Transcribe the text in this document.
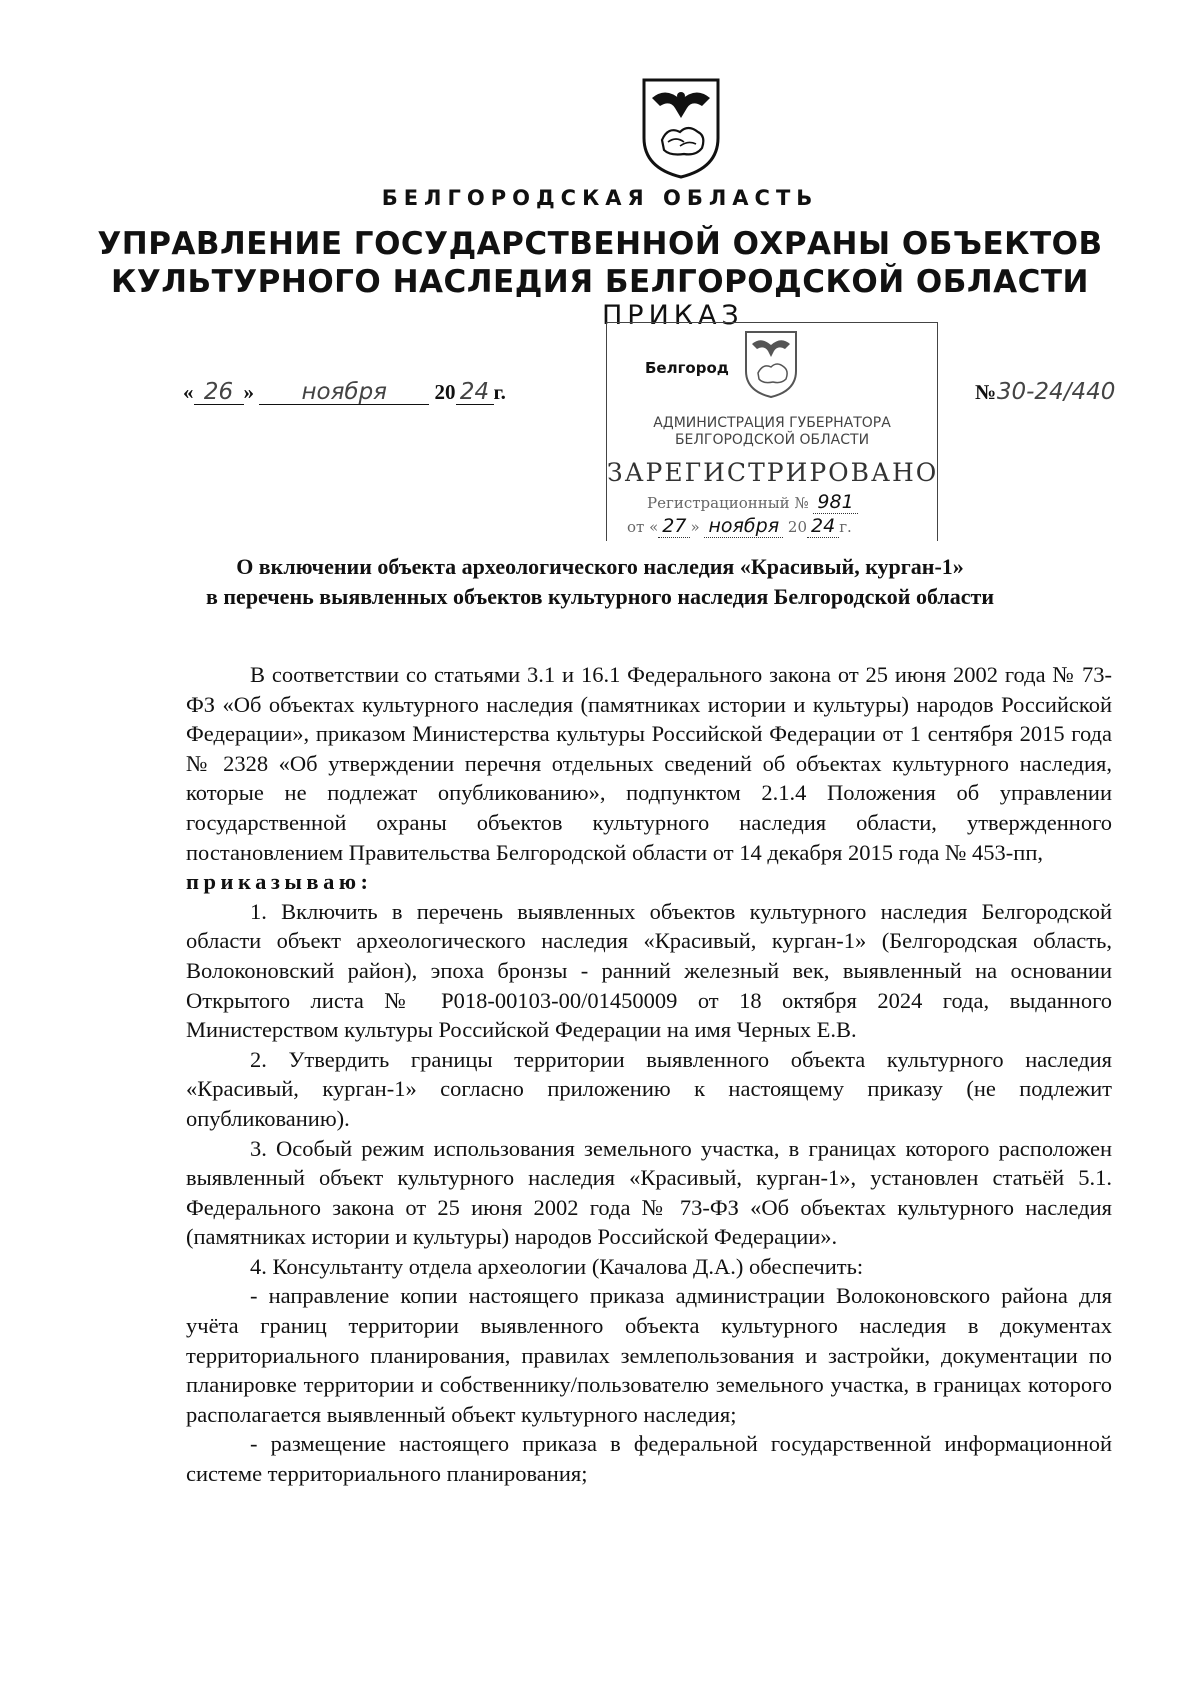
БЕЛГОРОДСКАЯ ОБЛАСТЬ
УПРАВЛЕНИЕ ГОСУДАРСТВЕННОЙ ОХРАНЫ ОБЪЕКТОВ
КУЛЬТУРНОГО НАСЛЕДИЯ БЕЛГОРОДСКОЙ ОБЛАСТИ
ПРИКАЗ
« 26 » ноября 20 24 г.	№30-24/440
Белгород
АДМИНИСТРАЦИЯ ГУБЕРНАТОРА
БЕЛГОРОДСКОЙ ОБЛАСТИ
ЗАРЕГИСТРИРОВАНО
Регистрационный № 981
от « 27 » ноября 20 24 г.
О включении объекта археологического наследия «Красивый, курган-1»
в перечень выявленных объектов культурного наследия Белгородской области

В соответствии со статьями 3.1 и 16.1 Федерального закона от 25 июня 2002 года № 73-ФЗ «Об объектах культурного наследия (памятниках истории и культуры) народов Российской Федерации», приказом Министерства культуры Российской Федерации от 1 сентября 2015 года № 2328 «Об утверждении перечня отдельных сведений об объектах культурного наследия, которые не подлежат опубликованию», подпунктом 2.1.4 Положения об управлении государственной охраны объектов культурного наследия области, утвержденного постановлением Правительства Белгородской области от 14 декабря 2015 года № 453-пп,

приказываю:

1. Включить в перечень выявленных объектов культурного наследия Белгородской области объект археологического наследия «Красивый, курган-1» (Белгородская область, Волоконовский район), эпоха бронзы - ранний железный век, выявленный на основании Открытого листа № Р018-00103-00/01450009 от 18 октября 2024 года, выданного Министерством культуры Российской Федерации на имя Черных Е.В.

2. Утвердить границы территории выявленного объекта культурного наследия «Красивый, курган-1» согласно приложению к настоящему приказу (не подлежит опубликованию).

3. Особый режим использования земельного участка, в границах которого расположен выявленный объект культурного наследия «Красивый, курган-1», установлен статьёй 5.1. Федерального закона от 25 июня 2002 года № 73-ФЗ «Об объектах культурного наследия (памятниках истории и культуры) народов Российской Федерации».

4. Консультанту отдела археологии (Качалова Д.А.) обеспечить:

- направление копии настоящего приказа администрации Волоконовского района для учёта границ территории выявленного объекта культурного наследия в документах территориального планирования, правилах землепользования и застройки, документации по планировке территории и собственнику/пользователю земельного участка, в границах которого располагается выявленный объект культурного наследия;

- размещение настоящего приказа в федеральной государственной информационной системе территориального планирования;
